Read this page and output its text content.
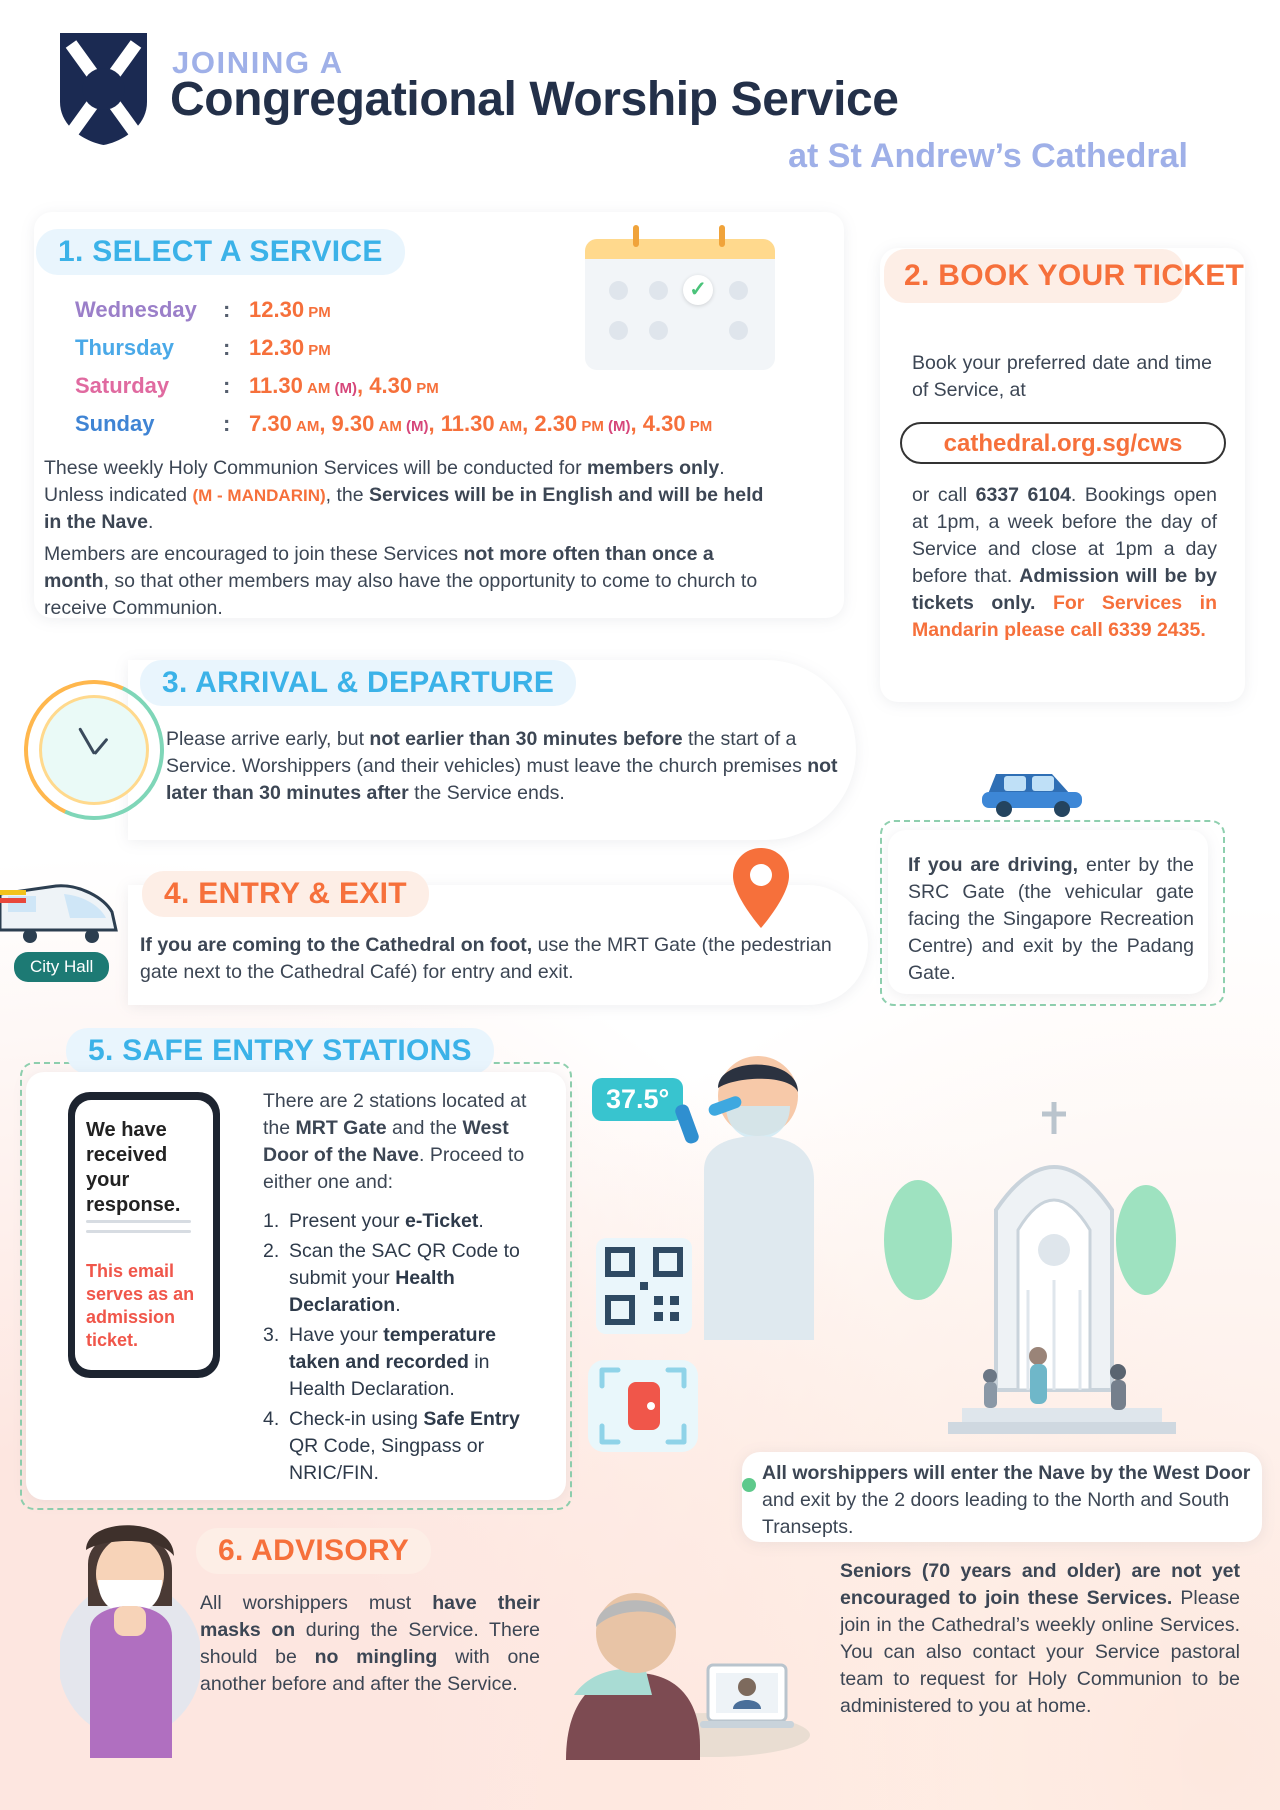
JOINING A
Congregational Worship Service
at St Andrew’s Cathedral
1. SELECT A SERVICE
Wednesday	: 12.30 PM
Thursday	: 12.30 PM
Saturday	: 11.30 AM (M), 4.30 PM
Sunday	: 7.30 AM, 9.30 AM (M), 11.30 AM, 2.30 PM (M), 4.30 PM
These weekly Holy Communion Services will be conducted for members only. Unless indicated (M - MANDARIN), the Services will be in English and will be held in the Nave.
Members are encouraged to join these Services not more often than once a month, so that other members may also have the opportunity to come to church to receive Communion.
✓	2. BOOK YOUR TICKET
Book your preferred date and time of Service, at
cathedral.org.sg/cws
or call 6337 6104. Bookings open at 1pm, a week before the day of Service and close at 1pm a day before that. Admission will be by tickets only. For Services in Mandarin please call 6339 2435.
3. ARRIVAL & DEPARTURE
Please arrive early, but not earlier than 30 minutes before the start of a Service. Worshippers (and their vehicles) must leave the church premises not later than 30 minutes after the Service ends.
If you are driving, enter by the SRC Gate (the vehicular gate facing the Singapore Recreation Centre) and exit by the Padang Gate.
4. ENTRY & EXIT
If you are coming to the Cathedral on foot, use the MRT Gate (the pedestrian gate next to the Cathedral Café) for entry and exit.
City Hall
5. SAFE ENTRY STATIONS
There are 2 stations located at the MRT Gate and the West Door of the Nave. Proceed to either one and:
1. Present your e-Ticket.
2. Scan the SAC QR Code to submit your Health Declaration.
3. Have your temperature taken and recorded in Health Declaration.
4. Check-in using Safe Entry QR Code, Singpass or NRIC/FIN.
We have received your response.
This email serves as an admission ticket.
37.5°
All worshippers will enter the Nave by the West Door and exit by the 2 doors leading to the North and South Transepts.
6. ADVISORY
All worshippers must have their masks on during the Service. There should be no mingling with one another before and after the Service.
Seniors (70 years and older) are not yet encouraged to join these Services. Please join in the Cathedral’s weekly online Services. You can also contact your Service pastoral team to request for Holy Communion to be administered to you at home.
